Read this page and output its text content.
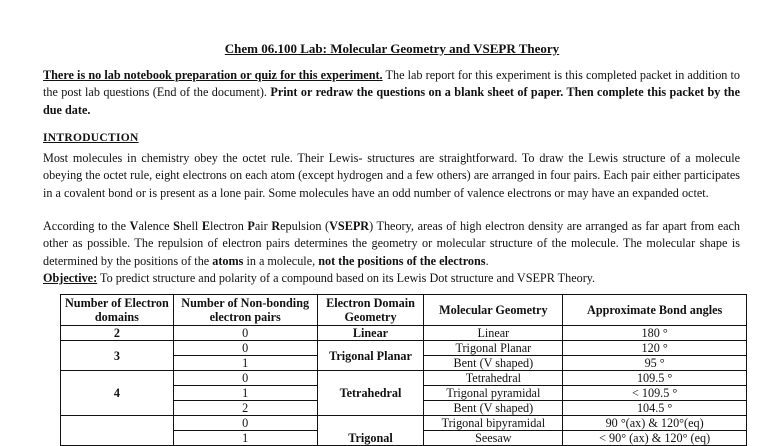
Chem 06.100 Lab: Molecular Geometry and VSEPR Theory

There is no lab notebook preparation or quiz for this experiment. The lab report for this experiment is this completed packet in addition to the post lab questions (End of the document). Print or redraw the questions on a blank sheet of paper. Then complete this packet by the due date.

INTRODUCTION

Most molecules in chemistry obey the octet rule. Their Lewis- structures are straightforward. To draw the Lewis structure of a molecule obeying the octet rule, eight electrons on each atom (except hydrogen and a few others) are arranged in four pairs. Each pair either participates in a covalent bond or is present as a lone pair. Some molecules have an odd number of valence electrons or may have an expanded octet.

According to the Valence Shell Electron Pair Repulsion (VSEPR) Theory, areas of high electron density are arranged as far apart from each other as possible. The repulsion of electron pairs determines the geometry or molecular structure of the molecule. The molecular shape is determined by the positions of the atoms in a molecule, not the positions of the electrons.

Objective: To predict structure and polarity of a compound based on its Lewis Dot structure and VSEPR Theory.

Number of Electron domains	Number of Non-bonding electron pairs	Electron Domain Geometry	Molecular Geometry	Approximate Bond angles
2	0	Linear	Linear	180 °
3	0	Trigonal Planar	Trigonal Planar	120 °
	1		Bent (V shaped)	95 °
4	0	Tetrahedral	Tetrahedral	109.5 °
	1		Trigonal pyramidal	< 109.5 °
	2		Bent (V shaped)	104.5 °
	0	Trigonal	Trigonal bipyramidal	90 °(ax) & 120°(eq)
	1		Seesaw	< 90° (ax) & 120° (eq)
